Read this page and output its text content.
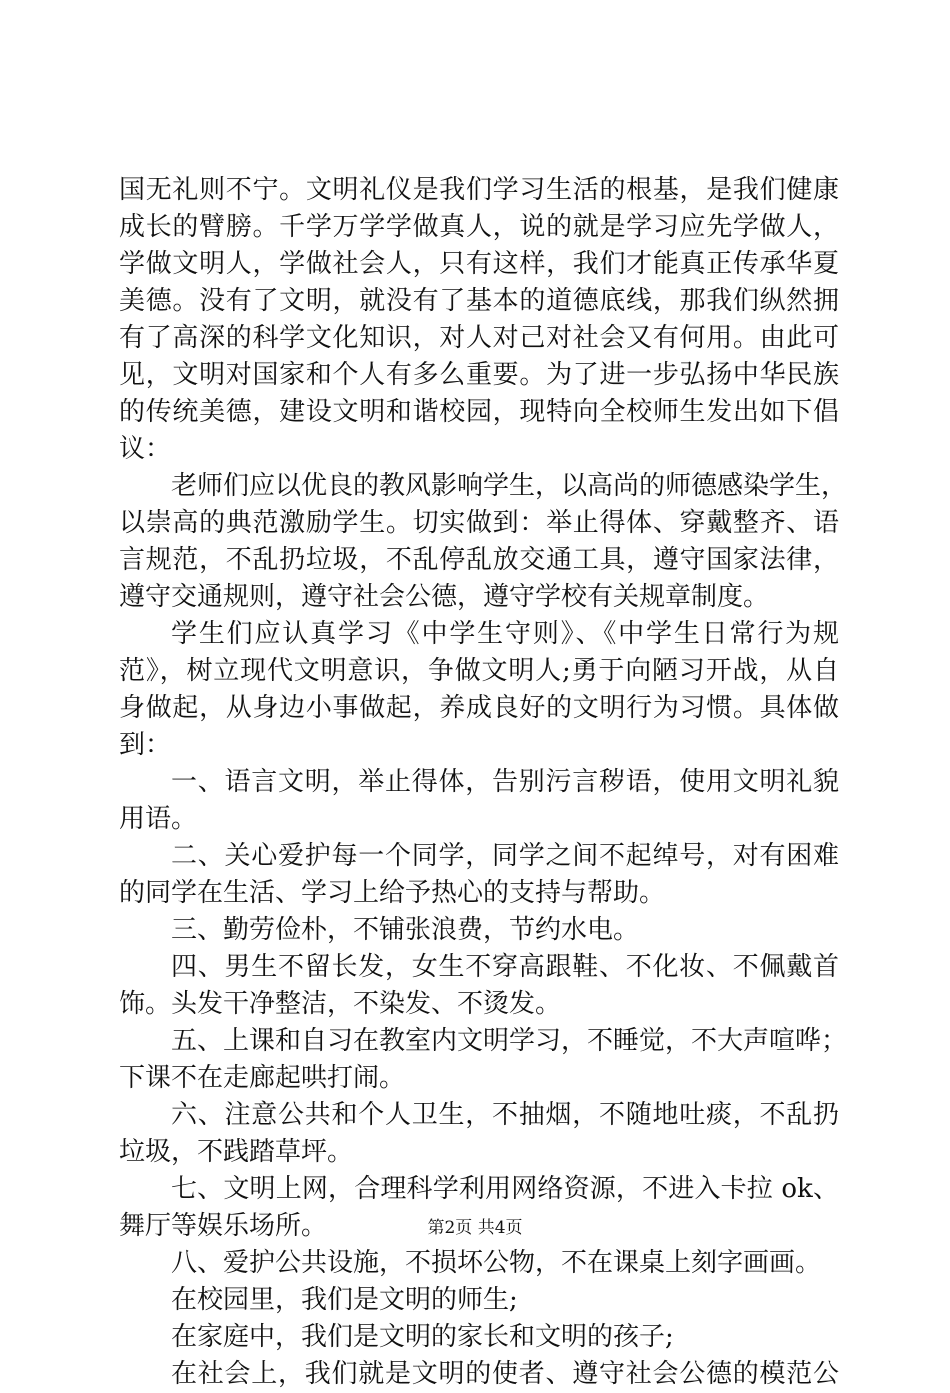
国无礼则不宁。文明礼仪是我们学习生活的根基，是我们健康
成长的臂膀。千学万学学做真人，说的就是学习应先学做人，
学做文明人，学做社会人，只有这样，我们才能真正传承华夏
美德。没有了文明，就没有了基本的道德底线，那我们纵然拥
有了高深的科学文化知识，对人对己对社会又有何用。由此可
见，文明对国家和个人有多么重要。为了进一步弘扬中华民族
的传统美德，建设文明和谐校园，现特向全校师生发出如下倡
议：
老师们应以优良的教风影响学生，以高尚的师德感染学生，
以崇高的典范激励学生。切实做到：举止得体、穿戴整齐、语
言规范，不乱扔垃圾，不乱停乱放交通工具，遵守国家法律，
遵守交通规则，遵守社会公德，遵守学校有关规章制度。
学生们应认真学习《中学生守则》、《中学生日常行为规
范》，树立现代文明意识，争做文明人;勇于向陋习开战，从自
身做起，从身边小事做起，养成良好的文明行为习惯。具体做
到：
一、语言文明，举止得体，告别污言秽语，使用文明礼貌
用语。
二、关心爱护每一个同学，同学之间不起绰号，对有困难
的同学在生活、学习上给予热心的支持与帮助。
三、勤劳俭朴，不铺张浪费，节约水电。
四、男生不留长发，女生不穿高跟鞋、不化妆、不佩戴首
饰。头发干净整洁，不染发、不烫发。
五、上课和自习在教室内文明学习，不睡觉，不大声喧哗；
下课不在走廊起哄打闹。
六、注意公共和个人卫生，不抽烟，不随地吐痰，不乱扔
垃圾，不践踏草坪。
七、文明上网，合理科学利用网络资源，不进入卡拉 ok、
舞厅等娱乐场所。
八、爱护公共设施，不损坏公物，不在课桌上刻字画画。
在校园里，我们是文明的师生;
在家庭中，我们是文明的家长和文明的孩子;
在社会上，我们就是文明的使者、遵守社会公德的模范公
第2页 共4页
